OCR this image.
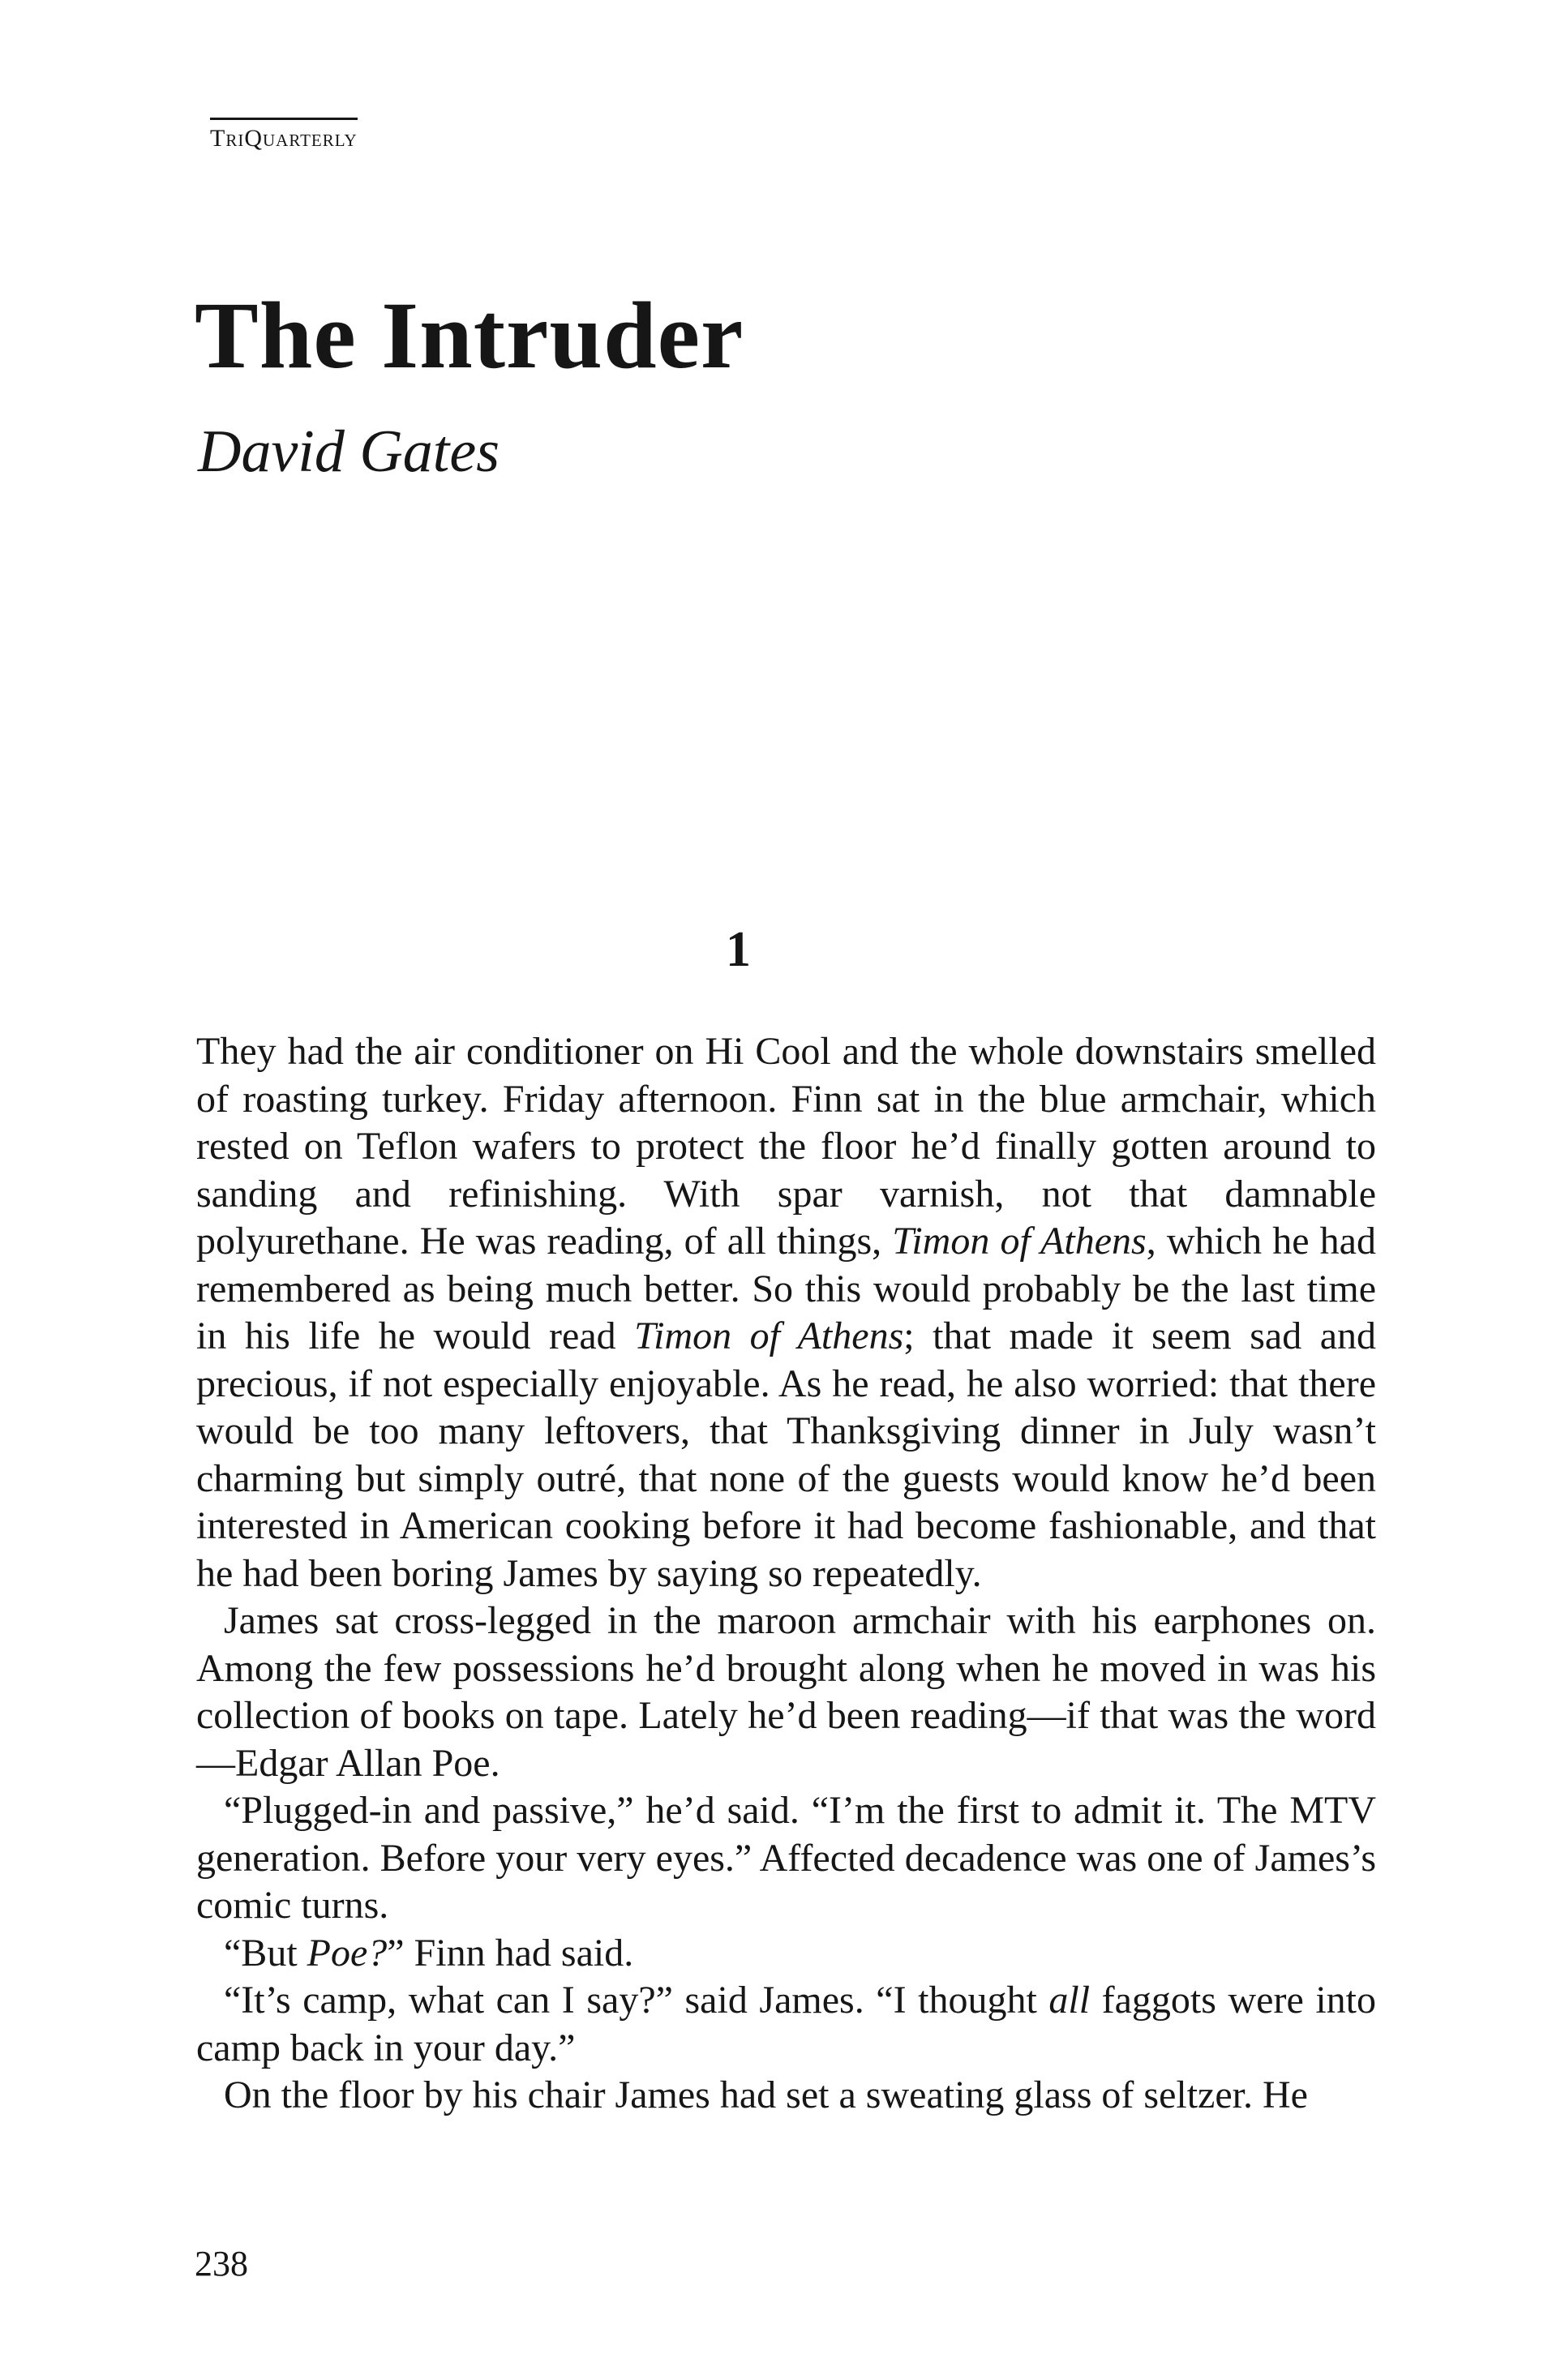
TriQuarterly
The Intruder
David Gates
1

They had the air conditioner on Hi Cool and the whole downstairs smelled of roasting turkey. Friday afternoon. Finn sat in the blue armchair, which rested on Teflon wafers to protect the floor he’d finally gotten around to sanding and refinishing. With spar varnish, not that damnable polyurethane. He was reading, of all things, Timon of Athens, which he had remembered as being much better. So this would probably be the last time in his life he would read Timon of Athens; that made it seem sad and precious, if not especially enjoyable. As he read, he also worried: that there would be too many leftovers, that Thanksgiving dinner in July wasn’t charming but simply outré, that none of the guests would know he’d been interested in American cooking before it had become fashionable, and that he had been boring James by saying so repeatedly.

James sat cross-legged in the maroon armchair with his earphones on. Among the few possessions he’d brought along when he moved in was his collection of books on tape. Lately he’d been reading—if that was the word—Edgar Allan Poe.

“Plugged-in and passive,” he’d said. “I’m the first to admit it. The MTV generation. Before your very eyes.” Affected decadence was one of James’s comic turns.

“But Poe?” Finn had said.

“It’s camp, what can I say?” said James. “I thought all faggots were into camp back in your day.”

On the floor by his chair James had set a sweating glass of seltzer. He

238
